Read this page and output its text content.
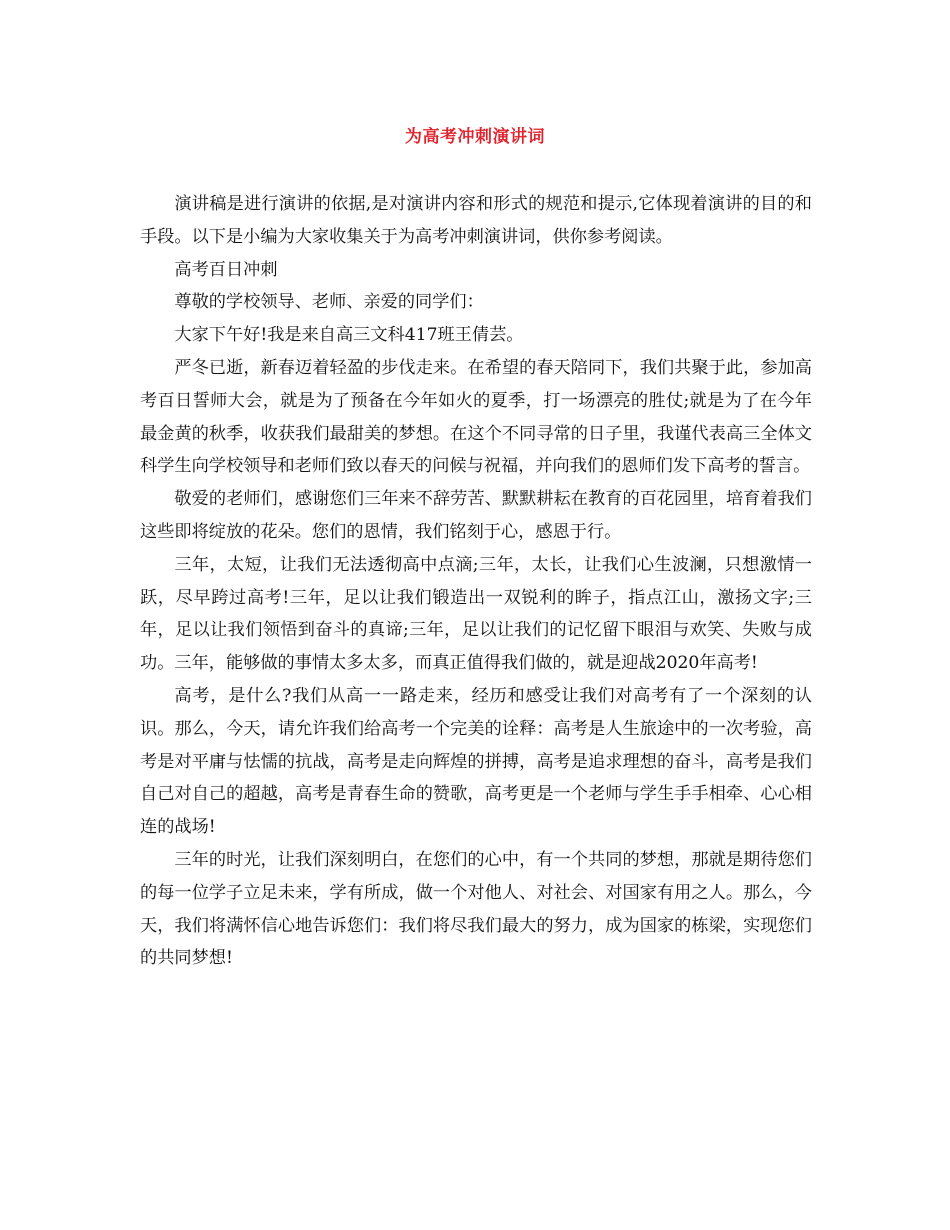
为高考冲刺演讲词

演讲稿是进行演讲的依据,是对演讲内容和形式的规范和提示,它体现着演讲的目的和手段。以下是小编为大家收集关于为高考冲刺演讲词，供你参考阅读。

高考百日冲刺

尊敬的学校领导、老师、亲爱的同学们：

大家下午好!我是来自高三文科417班王倩芸。

严冬已逝，新春迈着轻盈的步伐走来。在希望的春天陪同下，我们共聚于此，参加高考百日誓师大会，就是为了预备在今年如火的夏季，打一场漂亮的胜仗;就是为了在今年最金黄的秋季，收获我们最甜美的梦想。在这个不同寻常的日子里，我谨代表高三全体文科学生向学校领导和老师们致以春天的问候与祝福，并向我们的恩师们发下高考的誓言。

敬爱的老师们，感谢您们三年来不辞劳苦、默默耕耘在教育的百花园里，培育着我们这些即将绽放的花朵。您们的恩情，我们铭刻于心，感恩于行。

三年，太短，让我们无法透彻高中点滴;三年，太长，让我们心生波澜，只想激情一跃，尽早跨过高考!三年，足以让我们锻造出一双锐利的眸子，指点江山，激扬文字;三年，足以让我们领悟到奋斗的真谛;三年，足以让我们的记忆留下眼泪与欢笑、失败与成功。三年，能够做的事情太多太多，而真正值得我们做的，就是迎战2020年高考!

高考，是什么?我们从高一一路走来，经历和感受让我们对高考有了一个深刻的认识。那么，今天，请允许我们给高考一个完美的诠释：高考是人生旅途中的一次考验，高考是对平庸与怯懦的抗战，高考是走向辉煌的拼搏，高考是追求理想的奋斗，高考是我们自己对自己的超越，高考是青春生命的赞歌，高考更是一个老师与学生手手相牵、心心相连的战场!

三年的时光，让我们深刻明白，在您们的心中，有一个共同的梦想，那就是期待您们的每一位学子立足未来，学有所成，做一个对他人、对社会、对国家有用之人。那么，今天，我们将满怀信心地告诉您们：我们将尽我们最大的努力，成为国家的栋梁，实现您们的共同梦想!
